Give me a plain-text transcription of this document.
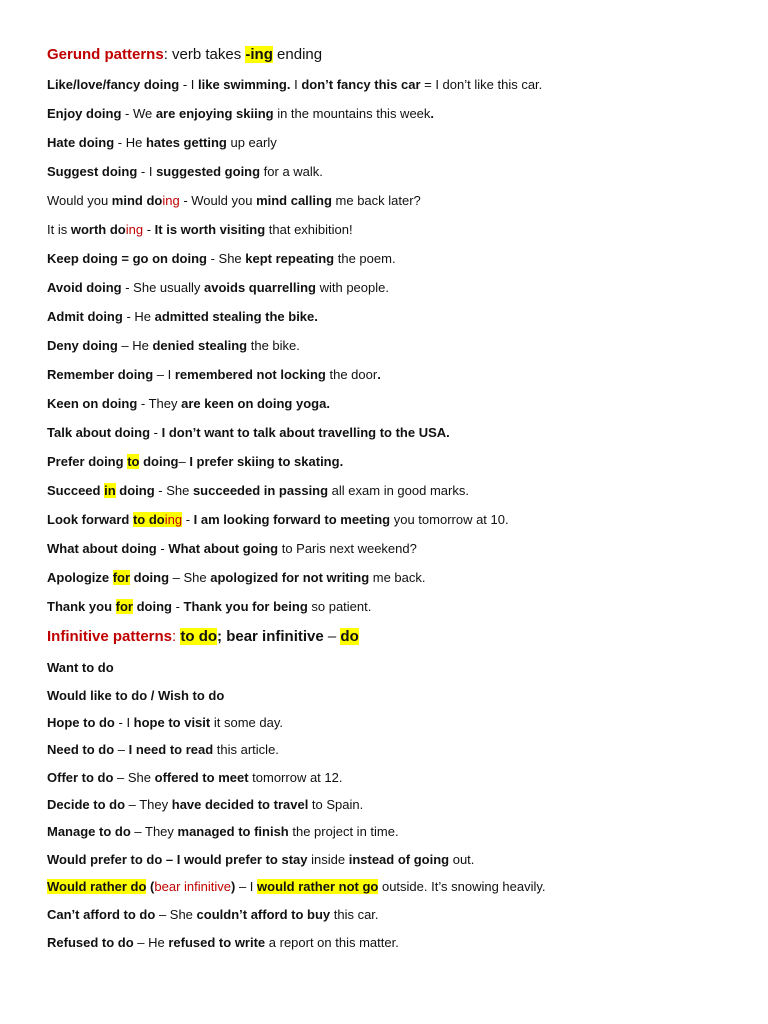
Gerund patterns: verb takes -ing ending
Like/love/fancy doing - I like swimming. I don’t fancy this car = I don’t like this car.
Enjoy doing - We are enjoying skiing in the mountains this week.
Hate doing - He hates getting up early
Suggest doing - I suggested going for a walk.
Would you mind doing - Would you mind calling me back later?
It is worth doing - It is worth visiting that exhibition!
Keep doing = go on doing - She kept repeating the poem.
Avoid doing - She usually avoids quarrelling with people.
Admit doing - He admitted stealing the bike.
Deny doing – He denied stealing the bike.
Remember doing – I remembered not locking the door.
Keen on doing - They are keen on doing yoga.
Talk about doing - I don’t want to talk about travelling to the USA.
Prefer doing to doing– I prefer skiing to skating.
Succeed in doing - She succeeded in passing all exam in good marks.
Look forward to doing - I am looking forward to meeting you tomorrow at 10.
What about doing - What about going to Paris next weekend?
Apologize for doing – She apologized for not writing me back.
Thank you for doing - Thank you for being so patient.
Infinitive patterns: to do; bear infinitive – do
Want to do
Would like to do / Wish to do
Hope to do - I hope to visit it some day.
Need to do – I need to read this article.
Offer to do – She offered to meet tomorrow at 12.
Decide to do – They have decided to travel to Spain.
Manage to do – They managed to finish the project in time.
Would prefer to do – I would prefer to stay inside instead of going out.
Would rather do (bear infinitive) – I would rather not go outside. It’s snowing heavily.
Can’t afford to do – She couldn’t afford to buy this car.
Refused to do – He refused to write a report on this matter.
